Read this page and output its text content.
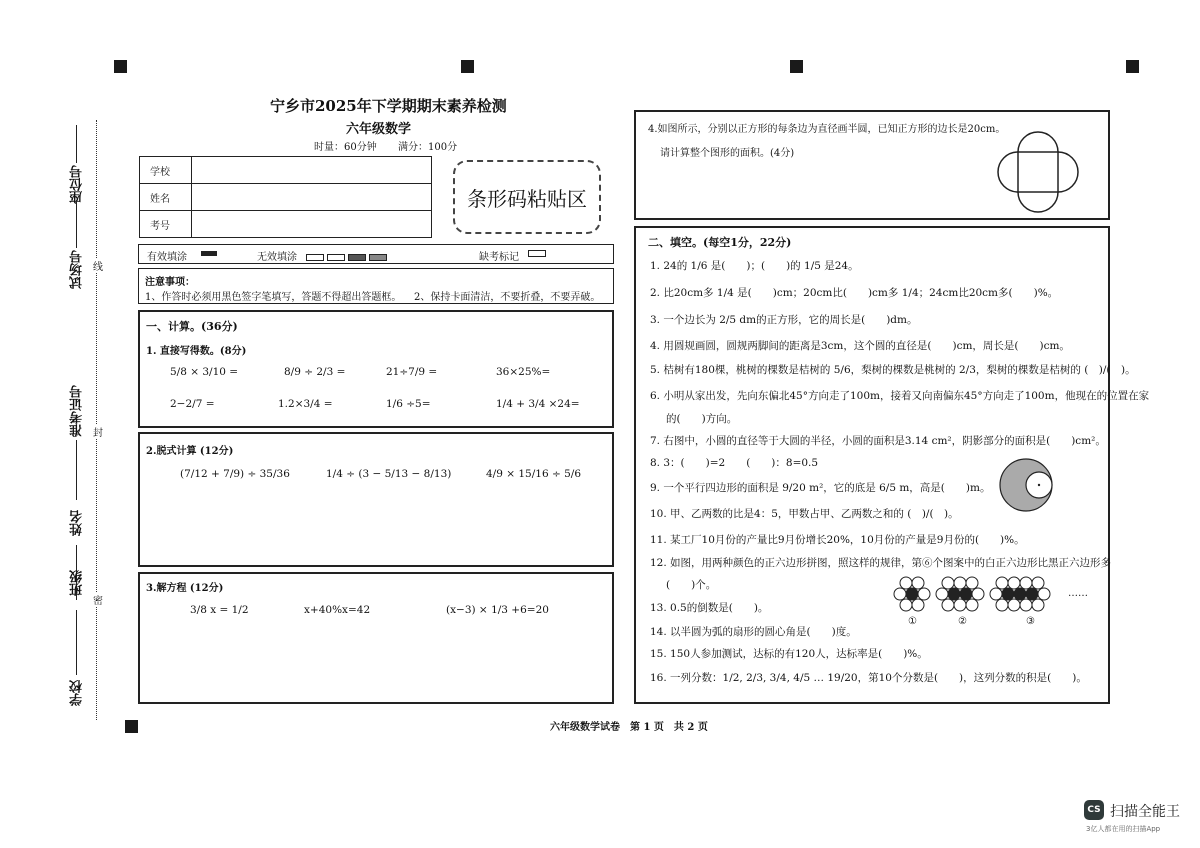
座位号
试场号
准考证号
姓名
班级
学校
线
封
密
宁乡市2025年下学期期末素养检测
六年级数学
时量：60分钟 满分：100分
学校	
姓名	
考号	
条形码粘贴区
有效填涂	无效填涂	缺考标记
注意事项：
1、作答时必须用黑色签字笔填写，答题不得超出答题框。 2、保持卡面清洁，不要折叠，不要弄破。
一、计算。(36分)
1. 直接写得数。(8分)
5/8 × 3/10 =	8/9 ÷ 2/3 =	21÷7/9 =	36×25%=
2−2/7 =	1.2×3/4 =	1/6 ÷5=	1/4 + 3/4 ×24=
2.脱式计算 (12分)
(7/12 + 7/9) ÷ 35/36	1/4 ÷ (3 − 5/13 − 8/13)	4/9 × 15/16 ÷ 5/6
3.解方程 (12分)
3/8 x = 1/2	x+40%x=42	(x−3) × 1/3 +6=20
4.如图所示，分别以正方形的每条边为直径画半圆，已知正方形的边长是20cm。
请计算整个图形的面积。(4分)
二、填空。(每空1分，22分)
1. 24的 1/6 是(　　)；(　　)的 1/5 是24。
2. 比20cm多 1/4 是(　　)cm；20cm比(　　)cm多 1/4；24cm比20cm多(　　)%。
3. 一个边长为 2/5 dm的正方形，它的周长是(　　)dm。
4. 用圆规画圆，圆规两脚间的距离是3cm，这个圆的直径是(　　)cm，周长是(　　)cm。
5. 桔树有180棵，桃树的棵数是桔树的 5/6，梨树的棵数是桃树的 2/3，梨树的棵数是桔树的 (　)/(　)。
6. 小明从家出发，先向东偏北45°方向走了100m，接着又向南偏东45°方向走了100m，他现在的位置在家
的(　　)方向。
7. 右图中，小圆的直径等于大圆的半径，小圆的面积是3.14 cm²，阴影部分的面积是(　　)cm²。
8. 3：(　　)=2　　(　　)：8=0.5
9. 一个平行四边形的面积是 9/20 m²，它的底是 6/5 m，高是(　　)m。
10. 甲、乙两数的比是4：5，甲数占甲、乙两数之和的 (　)/(　)。
11. 某工厂10月份的产量比9月份增长20%，10月份的产量是9月份的(　　)%。
12. 如图，用两种颜色的正六边形拼图，照这样的规律，第⑥个图案中的白正六边形比黑正六边形多
(　　)个。
13. 0.5的倒数是(　　)。
14. 以半圆为弧的扇形的圆心角是(　　)度。
15. 150人参加测试，达标的有120人，达标率是(　　)%。
16. 一列分数：1/2, 2/3, 3/4, 4/5 … 19/20，第10个分数是(　　)，这列分数的积是(　　)。
①	②	③
……
六年级数学试卷　第 1 页　共 2 页
CS 扫描全能王
3亿人都在用的扫描App
